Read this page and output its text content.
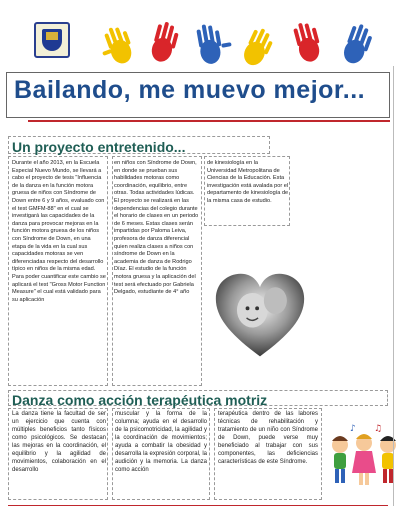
Bailando, me muevo mejor...
Un proyecto entretenido...
Durante el año 2013, en la Escuela Especial Nuevo Mundo, se llevará a cabo el proyecto de tesis "Influencia de la danza en la función motora gruesa de niños con Síndrome de Down entre 6 y 9 años, evaluado con el test GMFM-88" en el cual se investigará las capacidades de la danza para provocar mejoras en la función motora gruesa de los niños con Síndrome de Down, en una etapa de la vida en la cual sus capacidades motoras se ven diferenciadas respecto del desarrollo típico en niños de la misma edad. Para poder cuantificar este cambio se aplicará el test "Gross Motor Function Measure" el cual está validado para su aplicación
en niños con Síndrome de Down, en donde se prueban sus habilidades motoras como coordinación, equilibrio, entre otras. Todas actividades lúdicas. El proyecto se realizará en las dependencias del colegio durante el horario de clases en un periodo de 6 meses. Estas clases serán impartidas por Paloma Leiva, profesora de danza diferencial quien realiza clases a niños con síndrome de Down en la academia de danza de Rodrigo Díaz. El estudio de la función motora gruesa y la aplicación del test será efectuado por Gabriela Delgado, estudiante de 4° año
de kinesiología en la Universidad Metropolitana de Ciencias de la Educación. Esta investigación está avalada por el departamento de kinesiología de la misma casa de estudio.
Danza como acción terapéutica motriz
La danza tiene la facultad de ser un ejercicio que cuenta con múltiples beneficios tanto físicos como psicológicos. Se destacan las mejoras en la coordinación, el equilibrio y la agilidad de movimientos, colaboración en el desarrollo
muscular y la forma de la columna; ayuda en el desarrollo de la psicomotricidad, la agilidad y la coordinación de movimientos; ayuda a combatir la obesidad y desarrolla la expresión corporal, la audición y la memoria. La danza como acción
terapéutica dentro de las labores técnicas de rehabilitación y tratamiento de un niño con Síndrome de Down, puede verse muy beneficiado al trabajar con sus componentes, las deficiencias características de este Síndrome.
♪ ♫
